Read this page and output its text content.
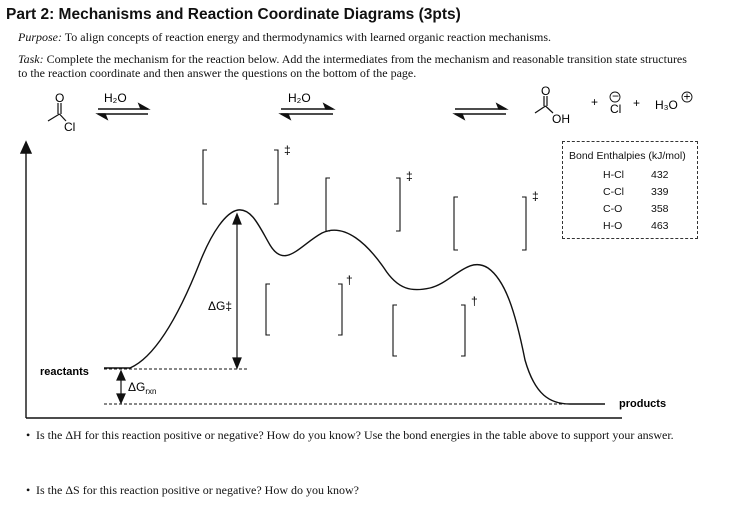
Part 2: Mechanisms and Reaction Coordinate Diagrams (3pts)
Purpose: To align concepts of reaction energy and thermodynamics with learned organic reaction mechanisms.
Task: Complete the mechanism for the reaction below. Add the intermediates from the mechanism and reasonable transition state structures
to the reaction coordinate and then answer the questions on the bottom of the page.
O
Cl
H₂O	H₂O	O
OH
+ −
Cl + H₃O
+
ΔG‡
$\Delta G_{rxn}$
‡
‡
‡
†
†
reactants
products
Bond Enthalpies (kJ/mol)
H-Cl	432
C-Cl	339
C-O	358
H-O	463
• Is the ΔH for this reaction positive or negative? How do you know? Use the bond energies in the table above to support your answer.
• Is the ΔS for this reaction positive or negative? How do you know?
